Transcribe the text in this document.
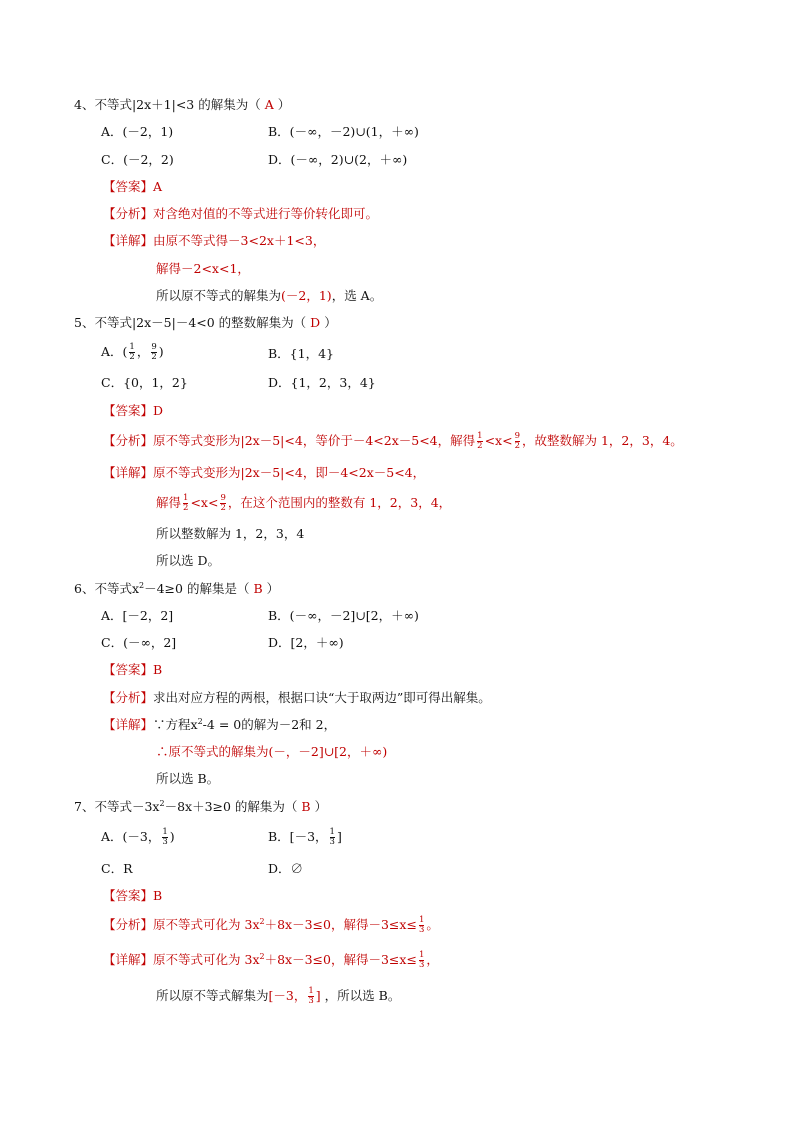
4、不等式|2x＋1|<3 的解集为（ A ）
A．(－2，1)	B．(－∞，－2)∪(1，＋∞)
C．(－2，2)	D．(－∞，2)∪(2，＋∞)
【答案】A
【分析】对含绝对值的不等式进行等价转化即可。
【详解】由原不等式得－3<2x＋1<3，
解得－2<x<1，
所以原不等式的解集为(－2，1)，选 A。
5、不等式|2x－5|－4<0 的整数解集为（ D ）
A．( $\frac{1}{2}$ ， $\frac{9}{2}$ )	B．{1，4}
C．{0，1，2}	D．{1，2，3，4}
【答案】D
【分析】原不等式变形为|2x－5|<4，等价于－4<2x－5<4，解得 $\frac{1}{2} <x< \frac{9}{2}$ ，故整数解为 1，2，3，4。
【详解】原不等式变形为|2x－5|<4，即－4<2x－5<4，
解得 $\frac{1}{2} <x< \frac{9}{2}$ ，在这个范围内的整数有 1，2，3，4，
所以整数解为 1，2，3，4
所以选 D。
6、不等式$x^2-4\ge 0$ 的解集是（ B ）
A．[－2，2]	B．(－∞，－2]∪[2，＋∞)
C．(－∞，2]	D．[2，＋∞)
【答案】B
【分析】求出对应方程的两根，根据口诀“大于取两边”即可得出解集。
【详解】∵方程$x^2-4 = 0$的解为－2和 2，
∴原不等式的解集为(－，－2]∪[2，＋∞)
所以选 B。
7、不等式$-3x^2-8x+3\ge 0$ 的解集为（ B ）
A．(－3， $\frac{1}{3}$ )	B．[－3， $\frac{1}{3}$ ]
C．R	D．∅
【答案】B
【分析】原不等式可化为 $3x^2+8x-3\le 0$，解得$-3\le x\le \frac{1}{3}$ 。
【详解】原不等式可化为 $3x^2+8x-3\le 0$，解得$-3\le x\le \frac{1}{3}$ ，
所以原不等式解集为[－3， $\frac{1}{3}$ ] ，所以选 B。
